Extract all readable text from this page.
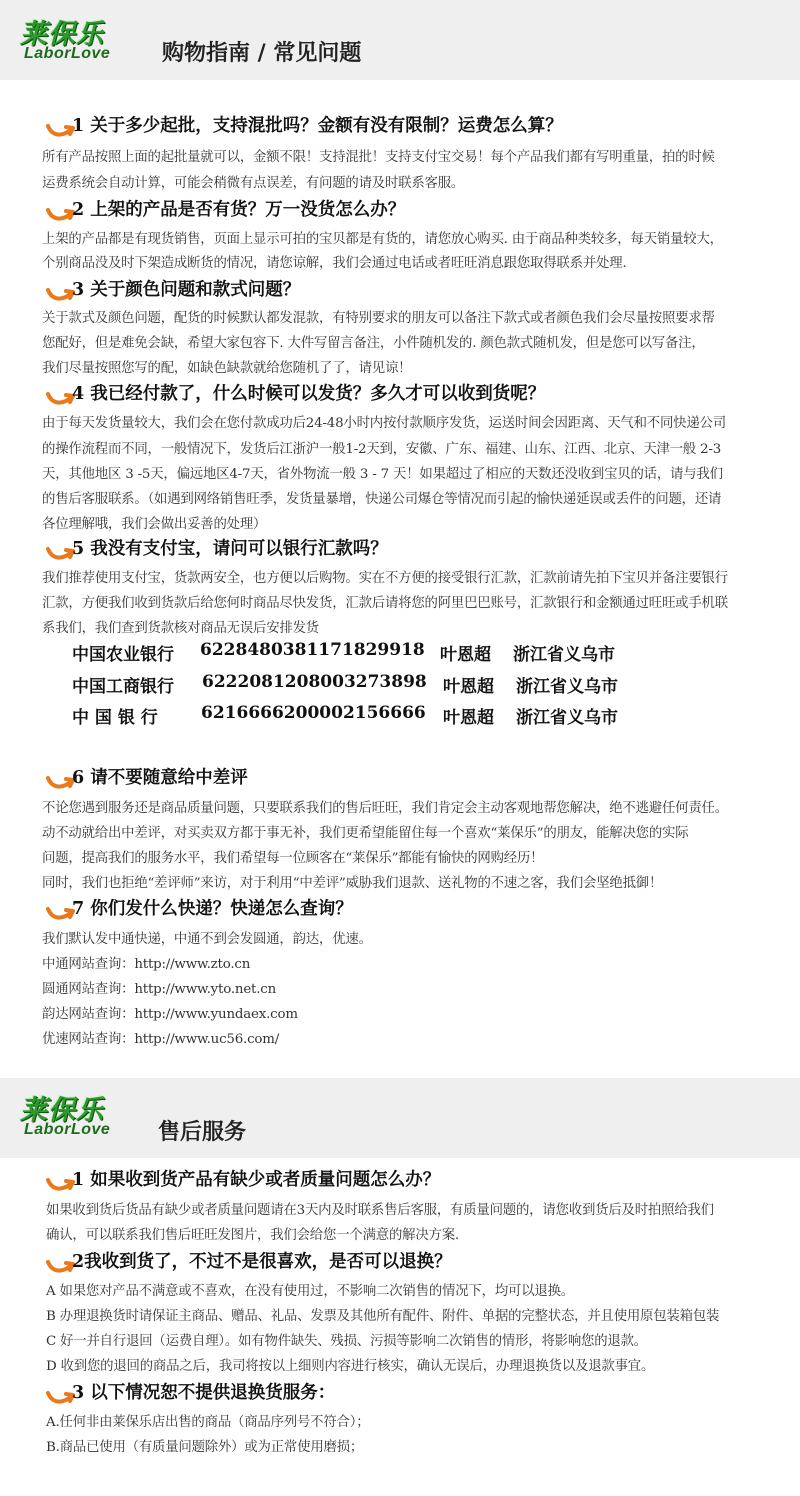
莱保乐
LaborLove 购物指南 / 常见问题
1 关于多少起批，支持混批吗？金额有没有限制？运费怎么算？
所有产品按照上面的起批量就可以，金额不限！支持混批！支持支付宝交易！每个产品我们都有写明重量，拍的时候
运费系统会自动计算，可能会稍微有点误差，有问题的请及时联系客服。
2 上架的产品是否有货？万一没货怎么办？
上架的产品都是有现货销售，页面上显示可拍的宝贝都是有货的，请您放心购买. 由于商品种类较多，每天销量较大，
个别商品没及时下架造成断货的情况，请您谅解，我们会通过电话或者旺旺消息跟您取得联系并处理.
3 关于颜色问题和款式问题？
关于款式及颜色问题，配货的时候默认都发混款，有特别要求的朋友可以备注下款式或者颜色我们会尽量按照要求帮
您配好，但是难免会缺，希望大家包容下. 大件写留言备注，小件随机发的. 颜色款式随机发，但是您可以写备注，
我们尽量按照您写的配，如缺色缺款就给您随机了了，请见谅！
4 我已经付款了，什么时候可以发货？多久才可以收到货呢？
由于每天发货量较大，我们会在您付款成功后24-48小时内按付款顺序发货，运送时间会因距离、天气和不同快递公司
的操作流程而不同，一般情况下，发货后江浙沪一般1-2天到，安徽、广东、福建、山东、江西、北京、天津一般 2-3
天，其他地区 3 -5天，偏远地区4-7天，省外物流一般 3 - 7 天！如果超过了相应的天数还没收到宝贝的话，请与我们
的售后客服联系。（如遇到网络销售旺季，发货量暴增，快递公司爆仓等情况而引起的愉快递延误或丢件的问题，还请
各位理解哦，我们会做出妥善的处理）
5 我没有支付宝，请问可以银行汇款吗？
我们推荐使用支付宝，货款两安全，也方便以后购物。实在不方便的接受银行汇款，汇款前请先拍下宝贝并备注要银行
汇款，方便我们收到货款后给您何时商品尽快发货，汇款后请将您的阿里巴巴账号，汇款银行和金额通过旺旺或手机联
系我们，我们查到货款核对商品无误后安排发货
中国农业银行 6228480381171829918 叶恩超 浙江省义乌市
中国工商银行 6222081208003273898 叶恩超 浙江省义乌市
中 国 银 行	6216666200002156666 叶恩超 浙江省义乌市
6 请不要随意给中差评
不论您遇到服务还是商品质量问题，只要联系我们的售后旺旺，我们肯定会主动客观地帮您解决，绝不逃避任何责任。
动不动就给出中差评，对买卖双方都于事无补，我们更希望能留住每一个喜欢“莱保乐”的朋友，能解决您的实际
问题，提高我们的服务水平，我们希望每一位顾客在“莱保乐”都能有愉快的网购经历！
同时，我们也拒绝“差评师”来访，对于利用“中差评”威胁我们退款、送礼物的不速之客，我们会坚绝抵御！
7 你们发什么快递？快递怎么查询？
我们默认发中通快递，中通不到会发圆通，韵达，优速。
中通网站查询：http://www.zto.cn
圆通网站查询：http://www.yto.net.cn
韵达网站查询：http://www.yundaex.com
优速网站查询：http://www.uc56.com/
莱保乐
LaborLove 售后服务
1 如果收到货产品有缺少或者质量问题怎么办？
如果收到货后货品有缺少或者质量问题请在3天内及时联系售后客服，有质量问题的，请您收到货后及时拍照给我们
确认，可以联系我们售后旺旺发图片，我们会给您一个满意的解决方案.
2我收到货了，不过不是很喜欢，是否可以退换？
A 如果您对产品不满意或不喜欢，在没有使用过，不影响二次销售的情况下，均可以退换。
B 办理退换货时请保证主商品、赠品、礼品、发票及其他所有配件、附件、单据的完整状态，并且使用原包装箱包装
C 好一并自行退回（运费自理）。如有物件缺失、残损、污损等影响二次销售的情形，将影响您的退款。
D 收到您的退回的商品之后，我司将按以上细则内容进行核实，确认无误后，办理退换货以及退款事宜。
3 以下情况恕不提供退换货服务：
A.任何非由莱保乐店出售的商品（商品序列号不符合）；
B.商品已使用（有质量问题除外）或为正常使用磨损；
